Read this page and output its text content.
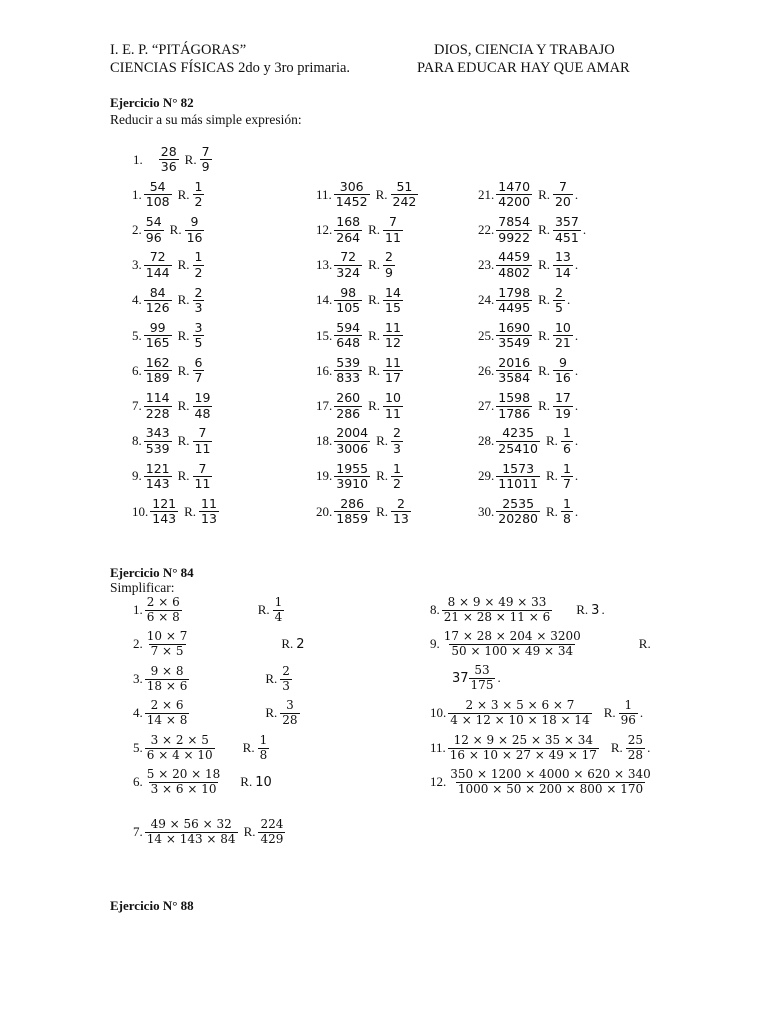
I. E. P. “PITÁGORAS”	DIOS, CIENCIA Y TRABAJO
CIENCIAS FÍSICAS 2do y 3ro primaria.	PARA EDUCAR HAY QUE AMAR
Ejercicio N° 82
Reducir a su más simple expresión:
1. $\frac{28}{36} R$. $\frac{7}{9}$
1. $\frac{54}{108} R$. $\frac{1}{2}$
2. $\frac{54}{96} R$. $\frac{9}{16}$
3. $\frac{72}{144} R$. $\frac{1}{2}$
4. $\frac{84}{126} R$. $\frac{2}{3}$
5. $\frac{99}{165} R$. $\frac{3}{5}$
6. $\frac{162}{189} R$. $\frac{6}{7}$
7. $\frac{114}{228} R$. $\frac{19}{48}$
8. $\frac{343}{539} R$. $\frac{7}{11}$
9. $\frac{121}{143} R$. $\frac{7}{11}$
10. $\frac{121}{143} R$. $\frac{11}{13}$
11. $\frac{306}{1452} R$. $\frac{51}{242}$
12. $\frac{168}{264} R$. $\frac{7}{11}$
13. $\frac{72}{324} R$. $\frac{2}{9}$
14. $\frac{98}{105} R$. $\frac{14}{15}$
15. $\frac{594}{648} R$. $\frac{11}{12}$
16. $\frac{539}{833} R$. $\frac{11}{17}$
17. $\frac{260}{286} R$. $\frac{10}{11}$
18. $\frac{2004}{3006} R$. $\frac{2}{3}$
19. $\frac{1955}{3910} R$. $\frac{1}{2}$
20. $\frac{286}{1859} R$. $\frac{2}{13}$
21. $\frac{1470}{4200} R$. $\frac{7}{20}$ .
22. $\frac{7854}{9922} R$. $\frac{357}{451}$ .
23. $\frac{4459}{4802} R$. $\frac{13}{14}$ .
24. $\frac{1798}{4495} R$. $\frac{2}{5}$ .
25. $\frac{1690}{3549} R$. $\frac{10}{21}$ .
26. $\frac{2016}{3584} R$. $\frac{9}{16}$ .
27. $\frac{1598}{1786} R$. $\frac{17}{19}$ .
28. $\frac{4235}{25410} R$. $\frac{1}{6}$ .
29. $\frac{1573}{11011} R$. $\frac{1}{7}$ .
30. $\frac{2535}{20280} R$. $\frac{1}{8}$ .
Ejercicio N° 84
Simplificar:
1. $\frac{2 \times 6}{6 \times 8}$	R. $\frac{1}{4}$
2. $\frac{10 \times 7}{7 \times 5}$	R. 2
3. $\frac{9 \times 8}{18 \times 6}$	R. $\frac{2}{3}$
4. $\frac{2 \times 6}{14 \times 8}$	R. $\frac{3}{28}$
5. $\frac{3 \times 2 \times 5}{6 \times 4 \times 10} R$. $\frac{1}{8}$
6. $\frac{5 \times 20 \times 18}{3 \times 6 \times 10} R$. 10
7. $\frac{49 \times 56 \times 32}{14 \times 143 \times 84} R$. $\frac{224}{429}$
8. $\frac{8 \times 9 \times 49 \times 33}{21 \times 28 \times 11 \times 6} R$. 3 .
9. $\frac{17 \times 28 \times 204 \times 3200}{50 \times 100 \times 49 \times 34}$	R.
$37 \frac{53}{175}$ .
10. $\frac{2 \times 3 \times 5 \times 6 \times 7}{4 \times 12 \times 10 \times 18 \times 14} R$. $\frac{1}{96}$ .
11. $\frac{12 \times 9 \times 25 \times 35 \times 34}{16 \times 10 \times 27 \times 49 \times 17} R$. $\frac{25}{28}$ .
12. $\frac{350 \times 1200 \times 4000 \times 620 \times 340}{1000 \times 50 \times 200 \times 800 \times 170}$
Ejercicio N° 88
